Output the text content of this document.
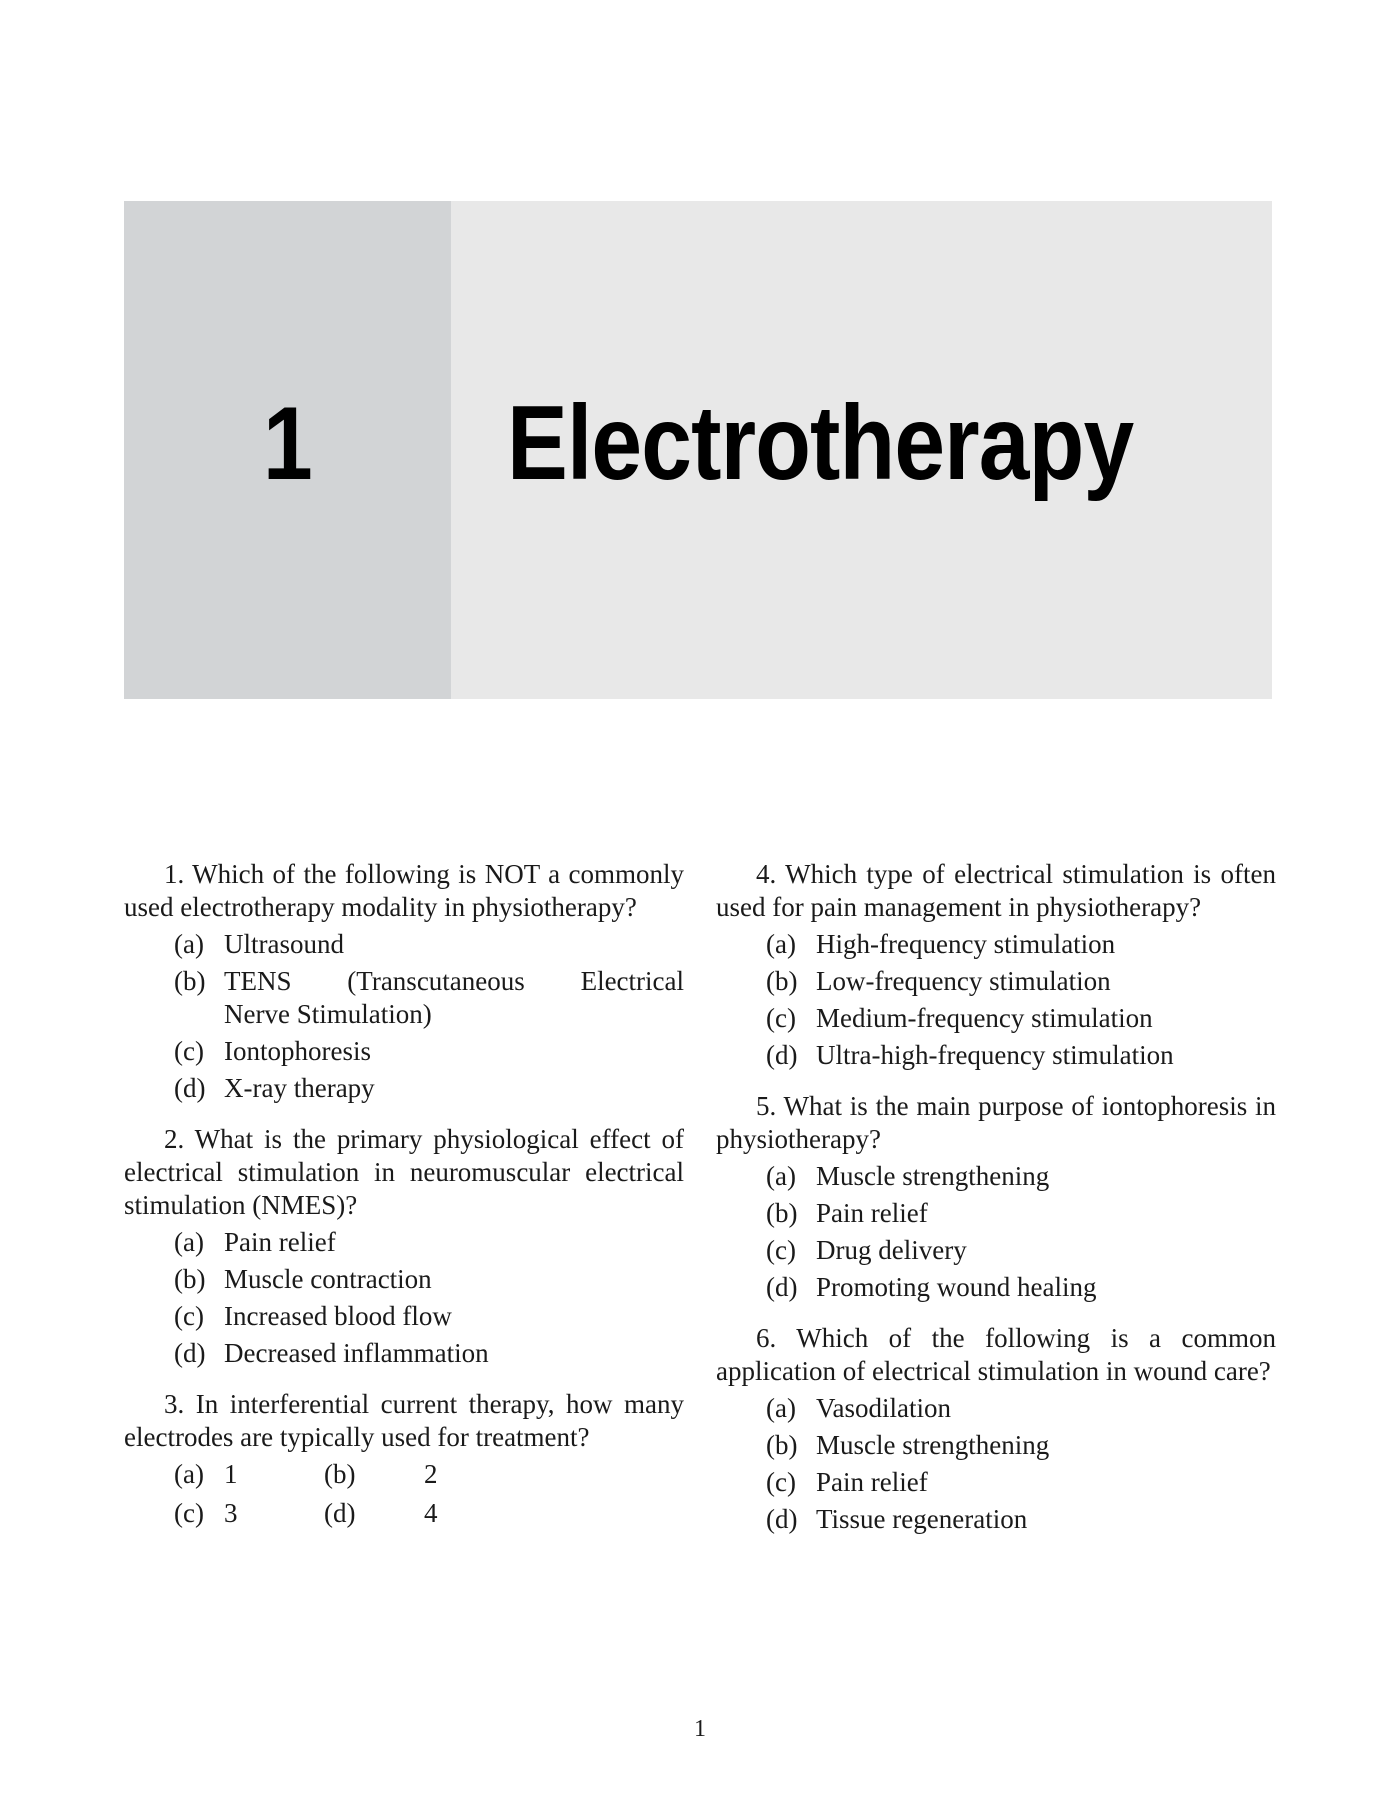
1 Electrotherapy

1. Which of the following is NOT a commonly used electrotherapy modality in physiotherapy?

(a) Ultrasound
(b) TENS (Transcutaneous Electrical
Nerve Stimulation)
(c) Iontophoresis
(d) X-ray therapy

2. What is the primary physiological effect of electrical stimulation in neuromuscular electrical stimulation (NMES)?

(a) Pain relief
(b) Muscle contraction
(c) Increased blood flow
(d) Decreased inflammation

3. In interferential current therapy, how many electrodes are typically used for treatment?

(a) 1	(b)	2
(c) 3	(d)	4

4. Which type of electrical stimulation is often used for pain management in physiotherapy?

(a) High-frequency stimulation
(b) Low-frequency stimulation
(c) Medium-frequency stimulation
(d) Ultra-high-frequency stimulation

5. What is the main purpose of iontophoresis in physiotherapy?

(a) Muscle strengthening
(b) Pain relief
(c) Drug delivery
(d) Promoting wound healing

6. Which of the following is a common application of electrical stimulation in wound care?

(a) Vasodilation
(b) Muscle strengthening
(c) Pain relief
(d) Tissue regeneration
1
